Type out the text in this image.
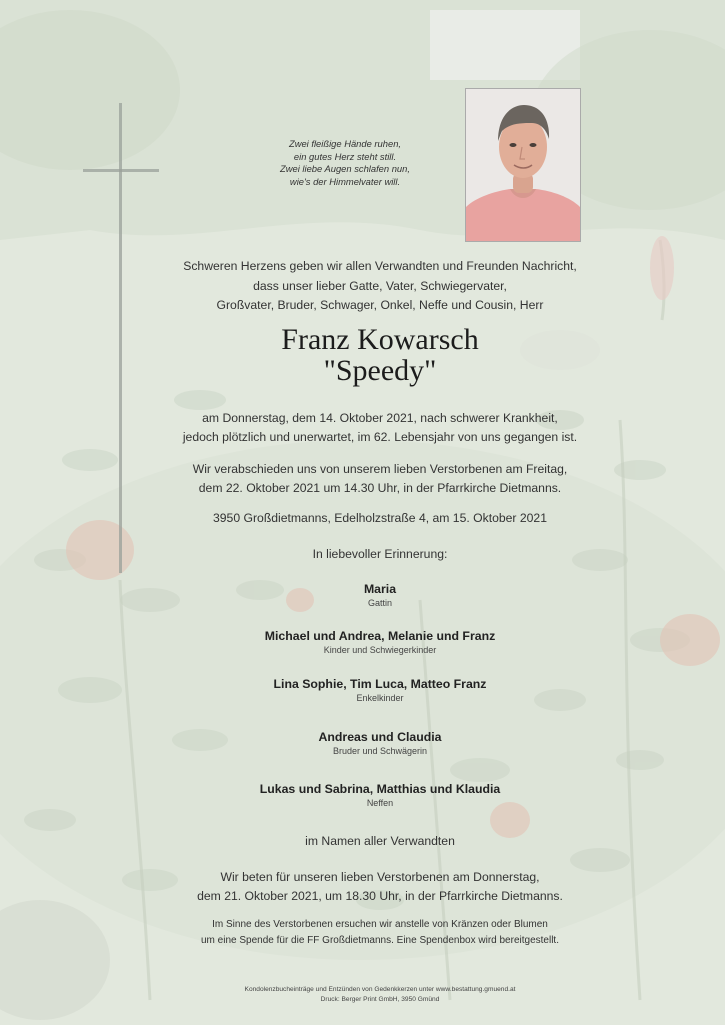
Zwei fleißige Hände ruhen,
ein gutes Herz steht still.
Zwei liebe Augen schlafen nun,
wie's der Himmelvater will.
Schweren Herzens geben wir allen Verwandten und Freunden Nachricht,
dass unser lieber Gatte, Vater, Schwiegervater,
Großvater, Bruder, Schwager, Onkel, Neffe und Cousin, Herr
Franz Kowarsch
"Speedy"
am Donnerstag, dem 14. Oktober 2021, nach schwerer Krankheit,
jedoch plötzlich und unerwartet, im 62. Lebensjahr von uns gegangen ist.
Wir verabschieden uns von unserem lieben Verstorbenen am Freitag,
dem 22. Oktober 2021 um 14.30 Uhr, in der Pfarrkirche Dietmanns.
3950 Großdietmanns, Edelholzstraße 4, am 15. Oktober 2021
In liebevoller Erinnerung:
Maria
Gattin
Michael und Andrea, Melanie und Franz
Kinder und Schwiegerkinder
Lina Sophie, Tim Luca, Matteo Franz
Enkelkinder
Andreas und Claudia
Bruder und Schwägerin
Lukas und Sabrina, Matthias und Klaudia
Neffen
im Namen aller Verwandten
Wir beten für unseren lieben Verstorbenen am Donnerstag,
dem 21. Oktober 2021, um 18.30 Uhr, in der Pfarrkirche Dietmanns.
Im Sinne des Verstorbenen ersuchen wir anstelle von Kränzen oder Blumen
um eine Spende für die FF Großdietmanns. Eine Spendenbox wird bereitgestellt.
Kondolenzbucheinträge und Entzünden von Gedenkkerzen unter www.bestattung.gmuend.at
Druck: Berger Print GmbH, 3950 Gmünd
